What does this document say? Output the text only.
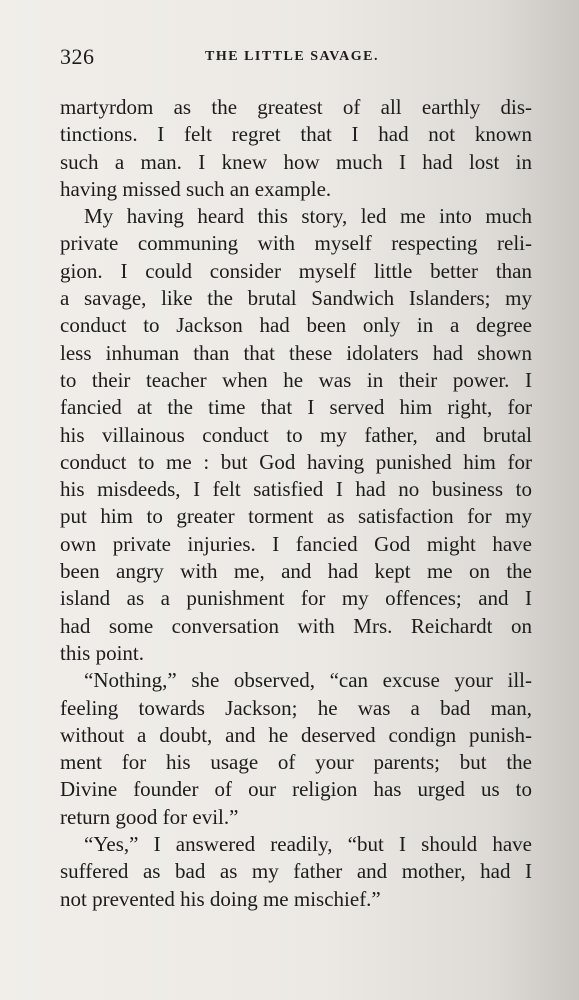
326	THE LITTLE SAVAGE.
martyrdom as the greatest of all earthly dis-
tinctions. I felt regret that I had not known
such a man. I knew how much I had lost in
having missed such an example.
My having heard this story, led me into much
private communing with myself respecting reli-
gion. I could consider myself little better than
a savage, like the brutal Sandwich Islanders; my
conduct to Jackson had been only in a degree
less inhuman than that these idolaters had shown
to their teacher when he was in their power. I
fancied at the time that I served him right, for
his villainous conduct to my father, and brutal
conduct to me : but God having punished him for
his misdeeds, I felt satisfied I had no business to
put him to greater torment as satisfaction for my
own private injuries. I fancied God might have
been angry with me, and had kept me on the
island as a punishment for my offences; and I
had some conversation with Mrs. Reichardt on
this point.
“Nothing,” she observed, “can excuse your ill-
feeling towards Jackson; he was a bad man,
without a doubt, and he deserved condign punish-
ment for his usage of your parents; but the
Divine founder of our religion has urged us to
return good for evil.”
“Yes,” I answered readily, “but I should have
suffered as bad as my father and mother, had I
not prevented his doing me mischief.”
